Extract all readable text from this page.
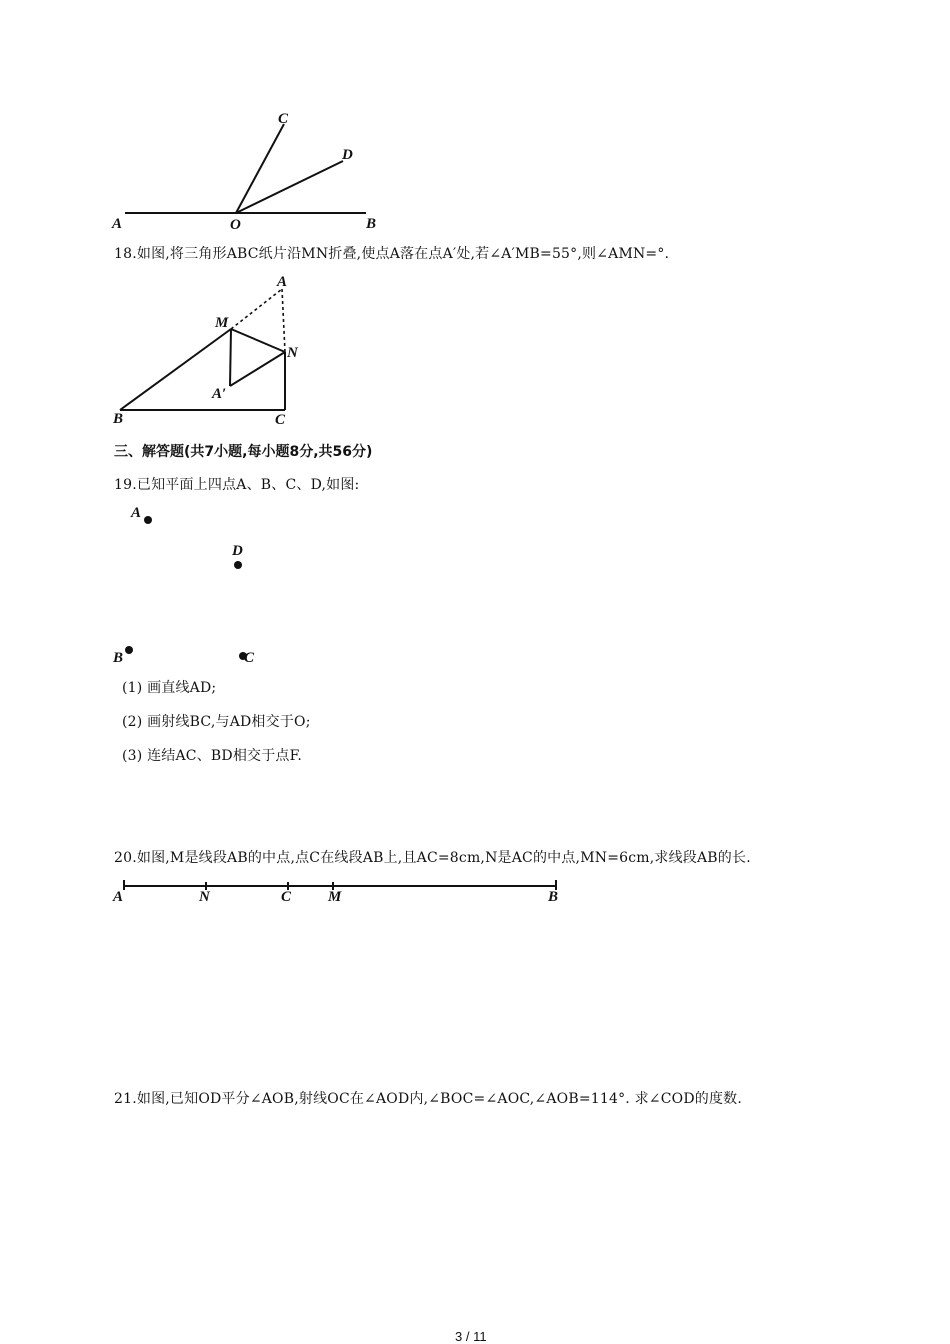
C
D
A	O	B
18.如图,将三角形ABC纸片沿MN折叠,使点A落在点A′处,若∠A′MB=55°,则∠AMN=°.
A
M
N
A′
B	C
三、解答题(共7小题,每小题8分,共56分)
19.已知平面上四点A、B、C、D,如图:
A
D
B	C
(1) 画直线AD;
(2) 画射线BC,与AD相交于O;
(3) 连结AC、BD相交于点F.
20.如图,M是线段AB的中点,点C在线段AB上,且AC=8cm,N是AC的中点,MN=6cm,求线段AB的长.
A	N	C M	B
21.如图,已知OD平分∠AOB,射线OC在∠AOD内,∠BOC=∠AOC,∠AOB=114°. 求∠COD的度数.
3 / 11
